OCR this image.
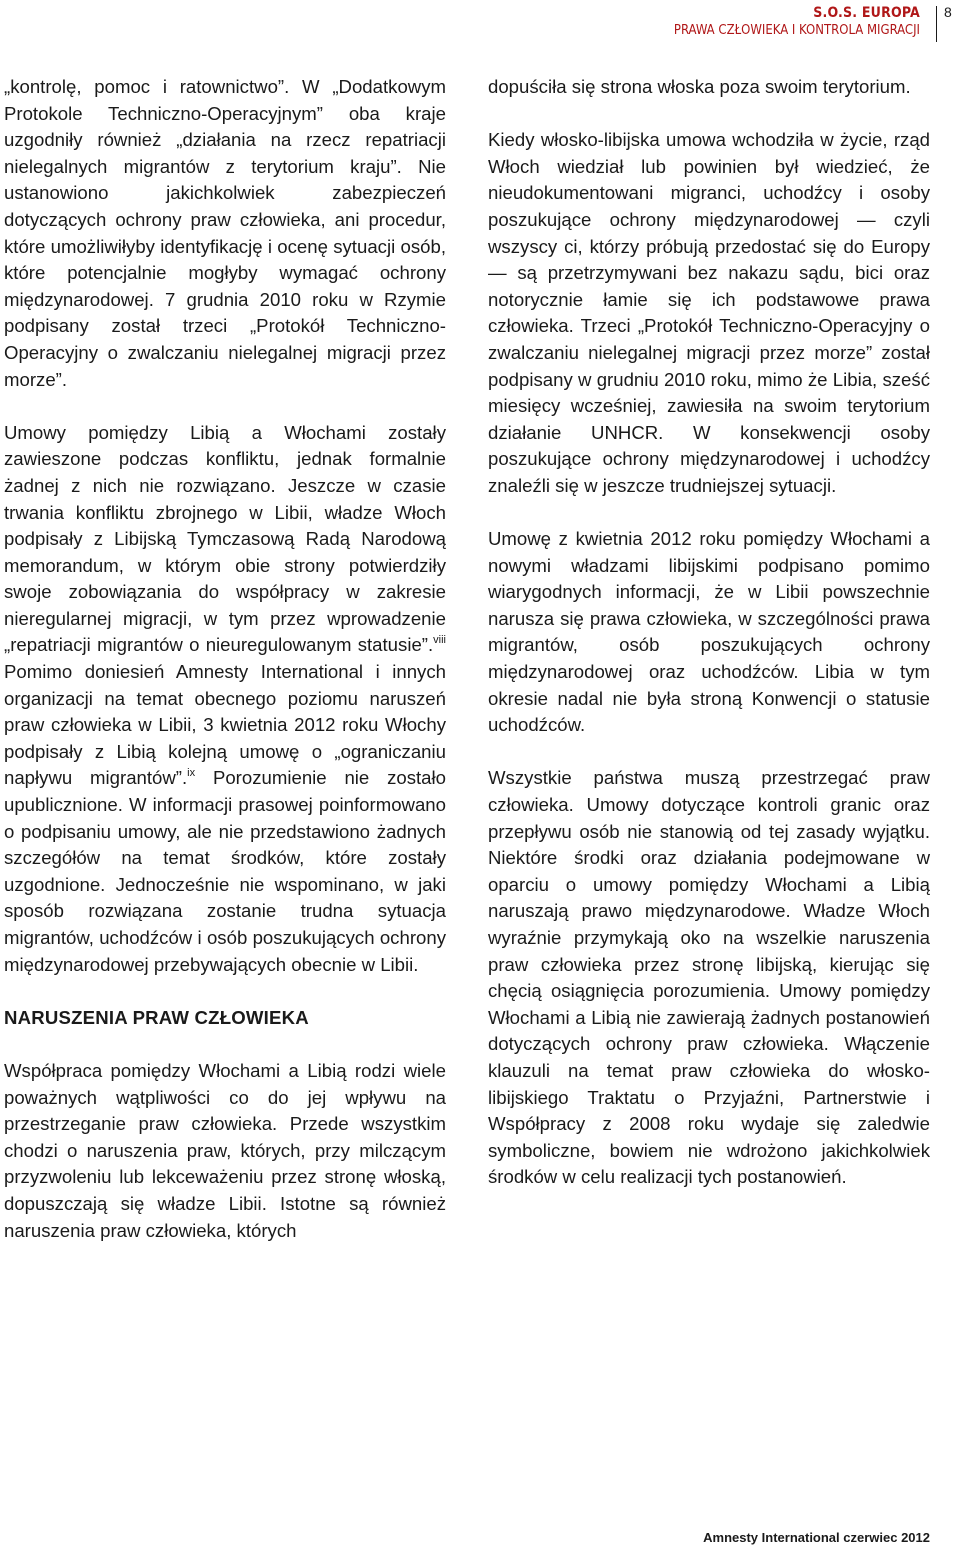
S.O.S. EUROPA
PRAWA CZŁOWIEKA I KONTROLA MIGRACJI
8

„kontrolę, pomoc i ratownictwo”. W „Dodatkowym Protokole Techniczno-Operacyjnym” oba kraje uzgodniły również „działania na rzecz repatriacji nielegalnych migrantów z terytorium kraju”. Nie ustanowiono jakichkolwiek zabezpieczeń dotyczących ochrony praw człowieka, ani procedur, które umożliwiłyby identyfikację i ocenę sytuacji osób, które potencjalnie mogłyby wymagać ochrony międzynarodowej. 7 grudnia 2010 roku w Rzymie podpisany został trzeci „Protokół Techniczno-Operacyjny o zwalczaniu nielegalnej migracji przez morze”.

Umowy pomiędzy Libią a Włochami zostały zawieszone podczas konfliktu, jednak formalnie żadnej z nich nie rozwiązano. Jeszcze w czasie trwania konfliktu zbrojnego w Libii, władze Włoch podpisały z Libijską Tymczasową Radą Narodową memorandum, w którym obie strony potwierdziły swoje zobowiązania do współpracy w zakresie nieregularnej migracji, w tym przez wprowadzenie „repatriacji migrantów o nieuregulowanym statusie”.$^{viii}$ Pomimo doniesień Amnesty International i innych organizacji na temat obecnego poziomu naruszeń praw człowieka w Libii, 3 kwietnia 2012 roku Włochy podpisały z Libią kolejną umowę o „ograniczaniu napływu migrantów”.$^{ix}$ Porozumienie nie zostało upublicznione. W informacji prasowej poinformowano o podpisaniu umowy, ale nie przedstawiono żadnych szczegółów na temat środków, które zostały uzgodnione. Jednocześnie nie wspominano, w jaki sposób rozwiązana zostanie trudna sytuacja migrantów, uchodźców i osób poszukujących ochrony międzynarodowej przebywających obecnie w Libii.

NARUSZENIA PRAW CZŁOWIEKA

Współpraca pomiędzy Włochami a Libią rodzi wiele poważnych wątpliwości co do jej wpływu na przestrzeganie praw człowieka. Przede wszystkim chodzi o naruszenia praw, których, przy milczącym przyzwoleniu lub lekceważeniu przez stronę włoską, dopuszczają się władze Libii. Istotne są również naruszenia praw człowieka, których

dopuściła się strona włoska poza swoim terytorium.

Kiedy włosko-libijska umowa wchodziła w życie, rząd Włoch wiedział lub powinien był wiedzieć, że nieudokumentowani migranci, uchodźcy i osoby poszukujące ochrony międzynarodowej — czyli wszyscy ci, którzy próbują przedostać się do Europy — są przetrzymywani bez nakazu sądu, bici oraz notorycznie łamie się ich podstawowe prawa człowieka. Trzeci „Protokół Techniczno-Operacyjny o zwalczaniu nielegalnej migracji przez morze” został podpisany w grudniu 2010 roku, mimo że Libia, sześć miesięcy wcześniej, zawiesiła na swoim terytorium działanie UNHCR. W konsekwencji osoby poszukujące ochrony międzynarodowej i uchodźcy znaleźli się w jeszcze trudniejszej sytuacji.

Umowę z kwietnia 2012 roku pomiędzy Włochami a nowymi władzami libijskimi podpisano pomimo wiarygodnych informacji, że w Libii powszechnie narusza się prawa człowieka, w szczególności prawa migrantów, osób poszukujących ochrony międzynarodowej oraz uchodźców. Libia w tym okresie nadal nie była stroną Konwencji o statusie uchodźców.

Wszystkie państwa muszą przestrzegać praw człowieka. Umowy dotyczące kontroli granic oraz przepływu osób nie stanowią od tej zasady wyjątku. Niektóre środki oraz działania podejmowane w oparciu o umowy pomiędzy Włochami a Libią naruszają prawo międzynarodowe. Władze Włoch wyraźnie przymykają oko na wszelkie naruszenia praw człowieka przez stronę libijską, kierując się chęcią osiągnięcia porozumienia. Umowy pomiędzy Włochami a Libią nie zawierają żadnych postanowień dotyczących ochrony praw człowieka. Włączenie klauzuli na temat praw człowieka do włosko-libijskiego Traktatu o Przyjaźni, Partnerstwie i Współpracy z 2008 roku wydaje się zaledwie symboliczne, bowiem nie wdrożono jakichkolwiek środków w celu realizacji tych postanowień.

Amnesty International czerwiec 2012
